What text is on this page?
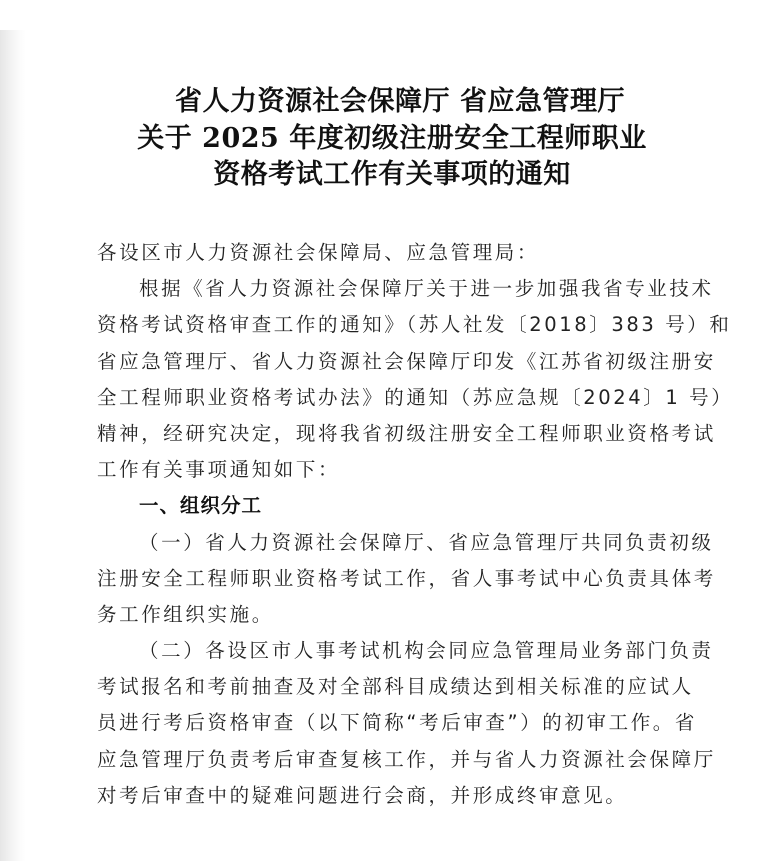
省人力资源社会保障厅 省应急管理厅
关于 2025 年度初级注册安全工程师职业
资格考试工作有关事项的通知
各设区市人力资源社会保障局、应急管理局：
根据《省人力资源社会保障厅关于进一步加强我省专业技术
资格考试资格审查工作的通知》（苏人社发〔2018〕383 号）和
省应急管理厅、省人力资源社会保障厅印发《江苏省初级注册安
全工程师职业资格考试办法》的通知（苏应急规〔2024〕1 号）
精神，经研究决定，现将我省初级注册安全工程师职业资格考试
工作有关事项通知如下：
一、组织分工
（一）省人力资源社会保障厅、省应急管理厅共同负责初级
注册安全工程师职业资格考试工作，省人事考试中心负责具体考
务工作组织实施。
（二）各设区市人事考试机构会同应急管理局业务部门负责
考试报名和考前抽查及对全部科目成绩达到相关标准的应试人
员进行考后资格审查（以下简称“考后审查”）的初审工作。省
应急管理厅负责考后审查复核工作，并与省人力资源社会保障厅
对考后审查中的疑难问题进行会商，并形成终审意见。
